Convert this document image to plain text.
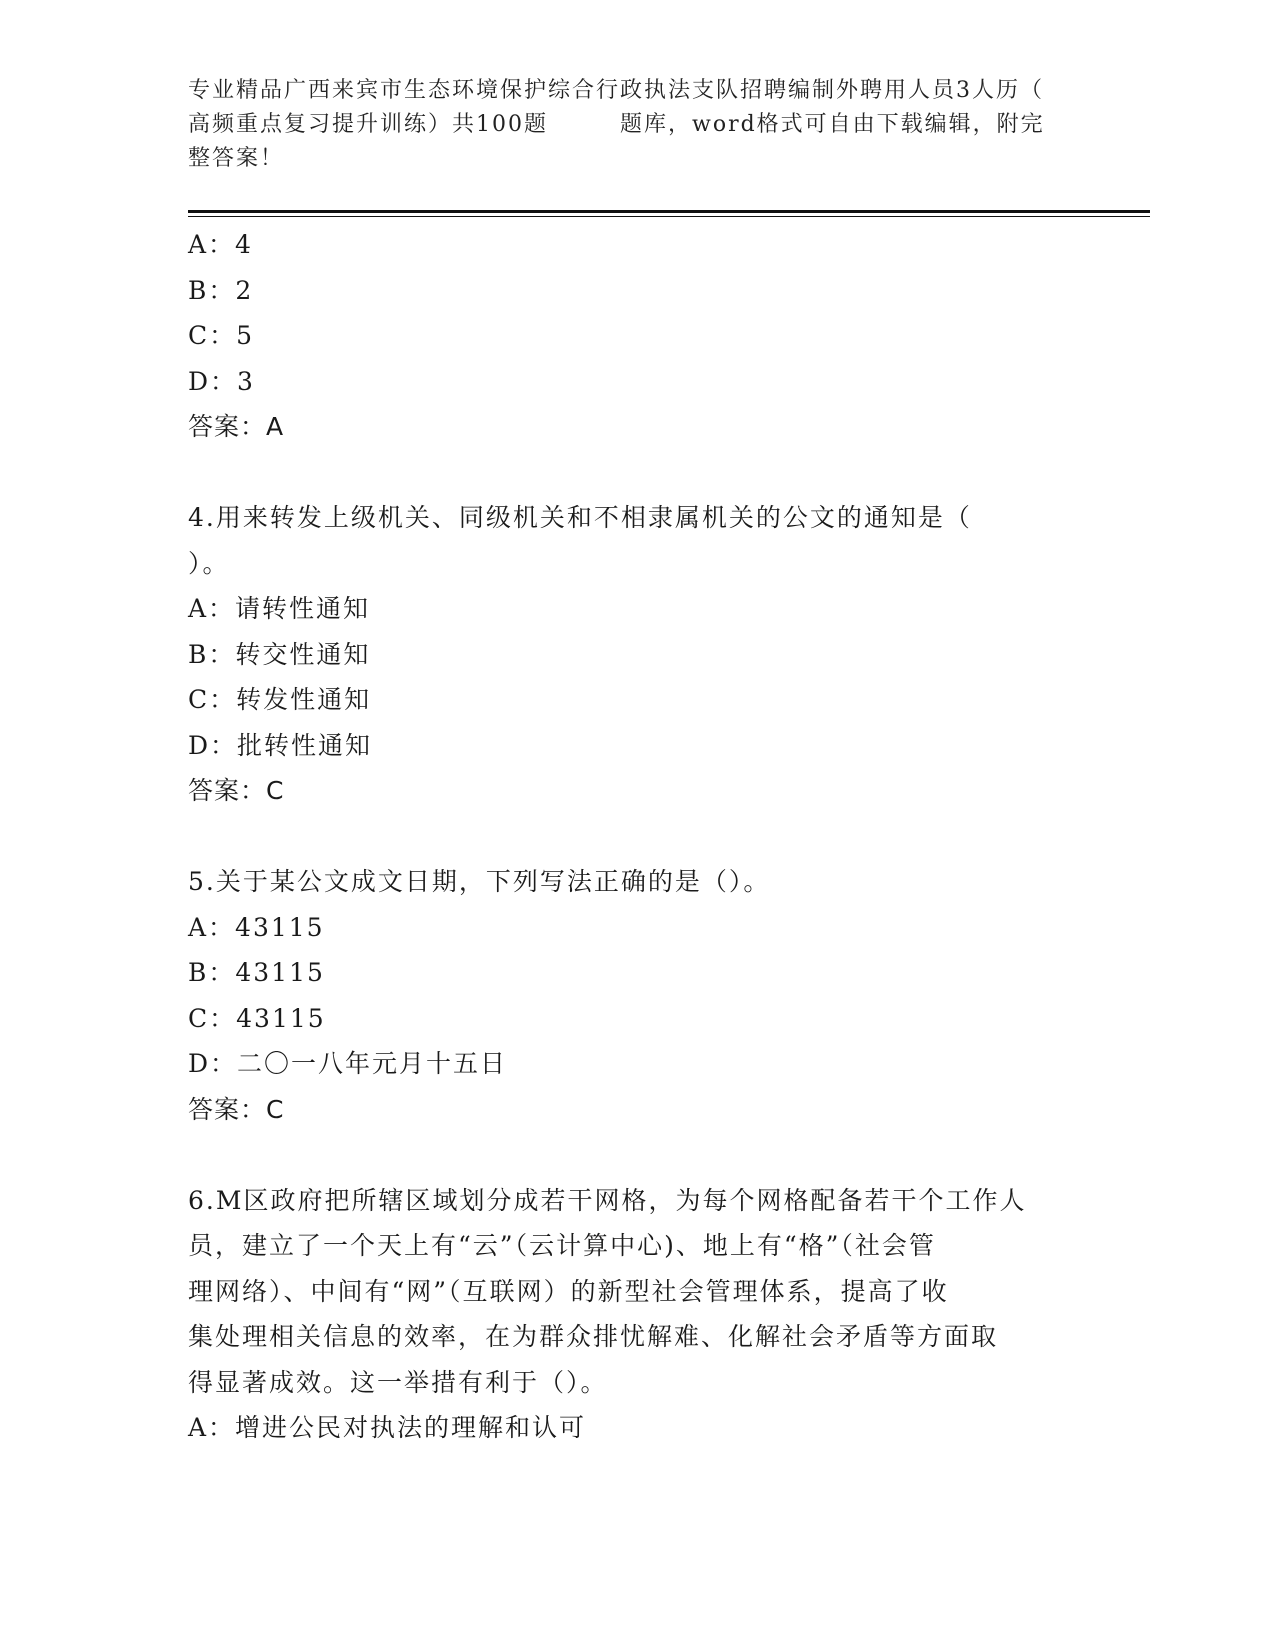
专业精品广西来宾市生态环境保护综合行政执法支队招聘编制外聘用人员3人历（
高频重点复习提升训练）共100题　　　题库，word格式可自由下载编辑，附完
整答案！
A：4
B：2
C：5
D：3
答案：A
4.用来转发上级机关、同级机关和不相隶属机关的公文的通知是（
）。
A：请转性通知
B：转交性通知
C：转发性通知
D：批转性通知
答案：C
5.关于某公文成文日期，下列写法正确的是（）。
A：43115
B：43115
C：43115
D：二〇一八年元月十五日
答案：C
6.M区政府把所辖区域划分成若干网格，为每个网格配备若干个工作人
员，建立了一个天上有“云”（云计算中心)、地上有“格”（社会管
理网络）、中间有“网”（互联网）的新型社会管理体系，提高了收
集处理相关信息的效率，在为群众排忧解难、化解社会矛盾等方面取
得显著成效。这一举措有利于（）。
A：增进公民对执法的理解和认可
